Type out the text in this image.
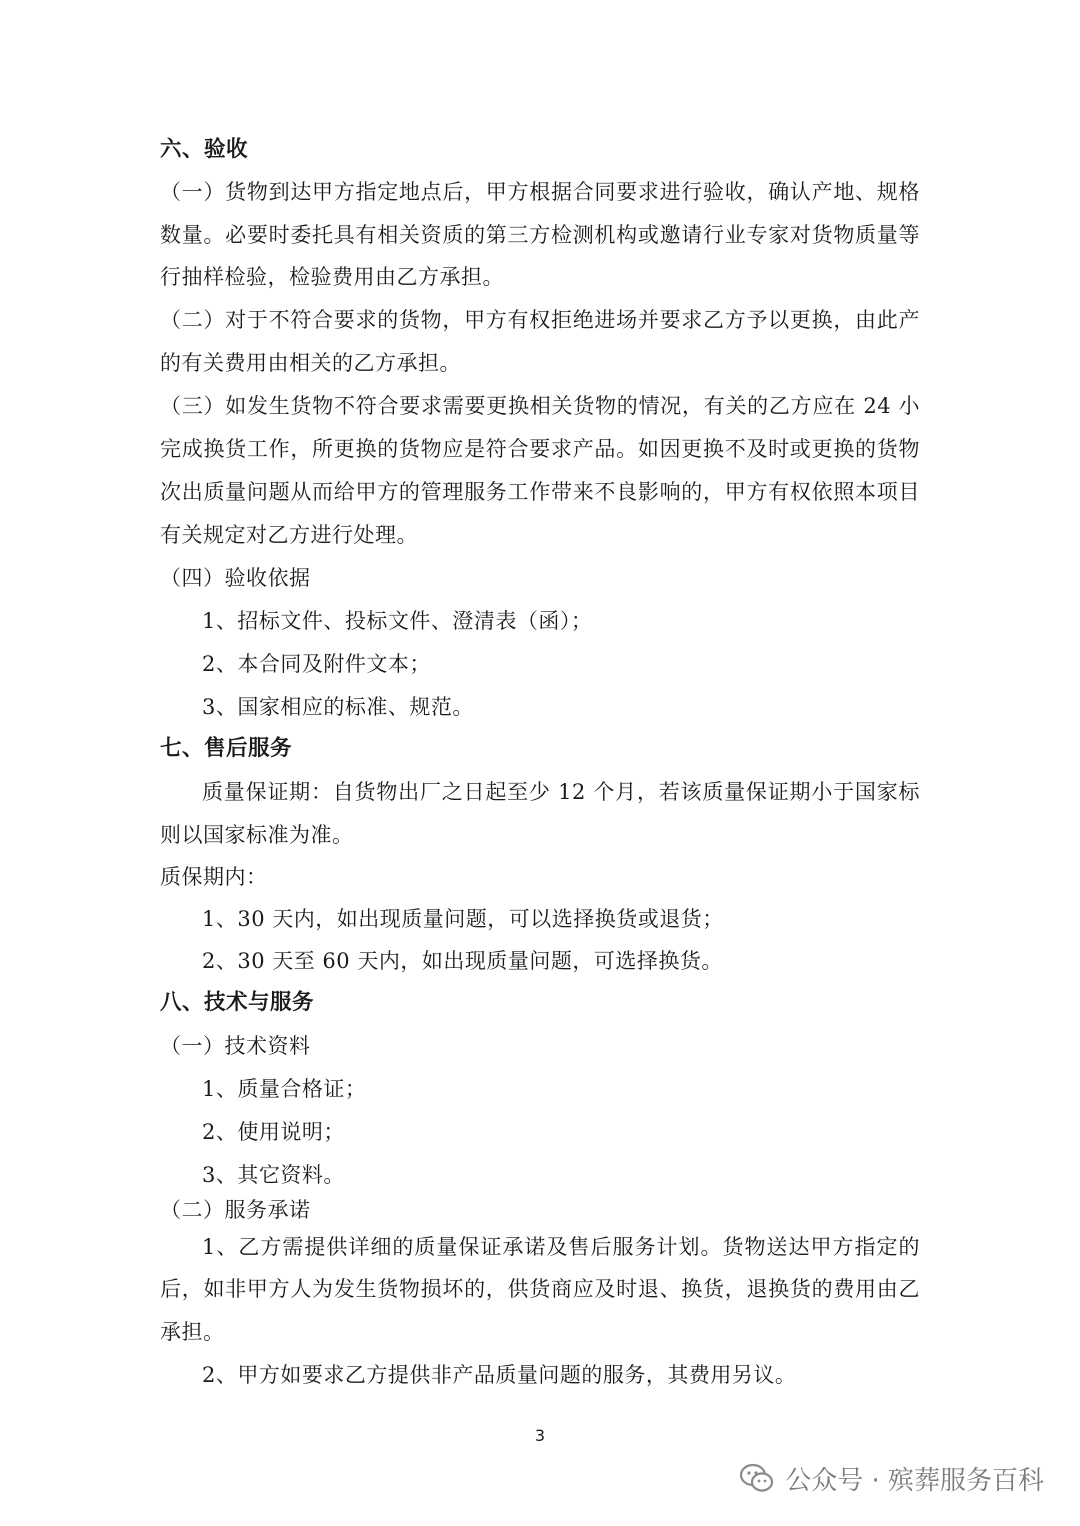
六、验收
（一）货物到达甲方指定地点后，甲方根据合同要求进行验收，确认产地、规格
数量。必要时委托具有相关资质的第三方检测机构或邀请行业专家对货物质量等
行抽样检验，检验费用由乙方承担。
（二）对于不符合要求的货物，甲方有权拒绝进场并要求乙方予以更换，由此产
的有关费用由相关的乙方承担。
（三）如发生货物不符合要求需要更换相关货物的情况，有关的乙方应在 24 小
完成换货工作，所更换的货物应是符合要求产品。如因更换不及时或更换的货物
次出质量问题从而给甲方的管理服务工作带来不良影响的，甲方有权依照本项目
有关规定对乙方进行处理。
（四）验收依据
1、招标文件、投标文件、澄清表（函）；
2、本合同及附件文本；
3、国家相应的标准、规范。
七、售后服务
质量保证期：自货物出厂之日起至少 12 个月，若该质量保证期小于国家标
则以国家标准为准。
质保期内：
1、30 天内，如出现质量问题，可以选择换货或退货；
2、30 天至 60 天内，如出现质量问题，可选择换货。
八、技术与服务
（一）技术资料
1、质量合格证；
2、使用说明；
3、其它资料。
（二）服务承诺
1、乙方需提供详细的质量保证承诺及售后服务计划。货物送达甲方指定的
后，如非甲方人为发生货物损坏的，供货商应及时退、换货，退换货的费用由乙
承担。
2、甲方如要求乙方提供非产品质量问题的服务，其费用另议。
3
公众号 · 殡葬服务百科
